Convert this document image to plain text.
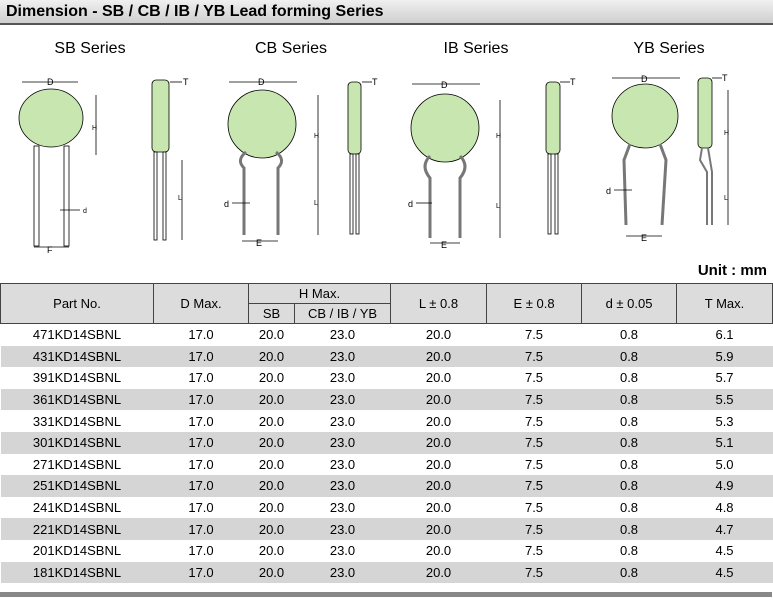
Dimension - SB / CB / IB / YB Lead forming Series
SB Series	CB Series	IB Series	YB Series
D
H
d
F
T
L
D
H
L
d
E
T	D
H
L
d
E
T	D
H
L
d
E
T
Unit : mm
Part No.	D Max.	H Max.		L ± 0.8	E ± 0.8	d ± 0.05	T Max.
		SB	CB / IB / YB				
471KD14SBNL	17.0	20.0	23.0	20.0	7.5	0.8	6.1
431KD14SBNL	17.0	20.0	23.0	20.0	7.5	0.8	5.9
391KD14SBNL	17.0	20.0	23.0	20.0	7.5	0.8	5.7
361KD14SBNL	17.0	20.0	23.0	20.0	7.5	0.8	5.5
331KD14SBNL	17.0	20.0	23.0	20.0	7.5	0.8	5.3
301KD14SBNL	17.0	20.0	23.0	20.0	7.5	0.8	5.1
271KD14SBNL	17.0	20.0	23.0	20.0	7.5	0.8	5.0
251KD14SBNL	17.0	20.0	23.0	20.0	7.5	0.8	4.9
241KD14SBNL	17.0	20.0	23.0	20.0	7.5	0.8	4.8
221KD14SBNL	17.0	20.0	23.0	20.0	7.5	0.8	4.7
201KD14SBNL	17.0	20.0	23.0	20.0	7.5	0.8	4.5
181KD14SBNL	17.0	20.0	23.0	20.0	7.5	0.8	4.5
